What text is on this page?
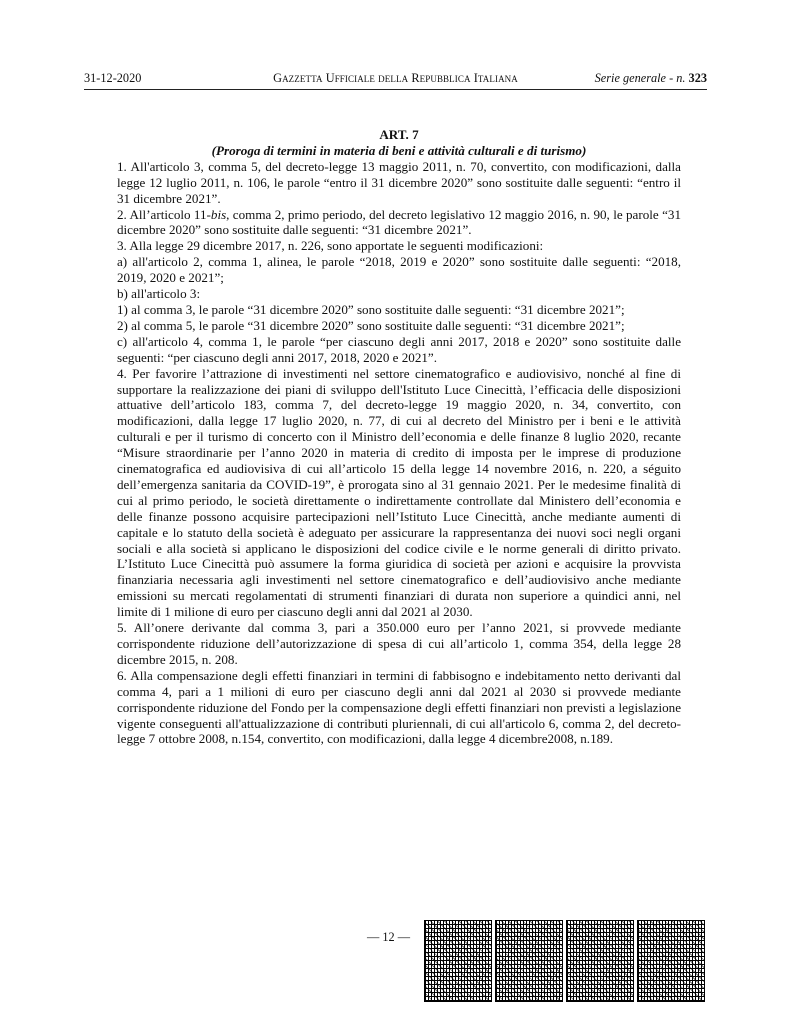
31-12-2020	Gazzetta Ufficiale della Repubblica Italiana	Serie generale - n. 323

ART. 7

(Proroga di termini in materia di beni e attività culturali e di turismo)

1. All'articolo 3, comma 5, del decreto-legge 13 maggio 2011, n. 70, convertito, con modificazioni, dalla legge 12 luglio 2011, n. 106, le parole “entro il 31 dicembre 2020” sono sostituite dalle seguenti: “entro il 31 dicembre 2021”.

2. All’articolo 11-bis, comma 2, primo periodo, del decreto legislativo 12 maggio 2016, n. 90, le parole “31 dicembre 2020” sono sostituite dalle seguenti: “31 dicembre 2021”.

3. Alla legge 29 dicembre 2017, n. 226, sono apportate le seguenti modificazioni:

a) all'articolo 2, comma 1, alinea, le parole “2018, 2019 e 2020” sono sostituite dalle seguenti: “2018, 2019, 2020 e 2021”;

b) all'articolo 3:

1) al comma 3, le parole “31 dicembre 2020” sono sostituite dalle seguenti: “31 dicembre 2021”;

2) al comma 5, le parole “31 dicembre 2020” sono sostituite dalle seguenti: “31 dicembre 2021”;

c) all'articolo 4, comma 1, le parole “per ciascuno degli anni 2017, 2018 e 2020” sono sostituite dalle seguenti: “per ciascuno degli anni 2017, 2018, 2020 e 2021”.

4. Per favorire l’attrazione di investimenti nel settore cinematografico e audiovisivo, nonché al fine di supportare la realizzazione dei piani di sviluppo dell'Istituto Luce Cinecittà, l’efficacia delle disposizioni attuative dell’articolo 183, comma 7, del decreto-legge 19 maggio 2020, n. 34, convertito, con modificazioni, dalla legge 17 luglio 2020, n. 77, di cui al decreto del Ministro per i beni e le attività culturali e per il turismo di concerto con il Ministro dell’economia e delle finanze 8 luglio 2020, recante “Misure straordinarie per l’anno 2020 in materia di credito di imposta per le imprese di produzione cinematografica ed audiovisiva di cui all’articolo 15 della legge 14 novembre 2016, n. 220, a séguito dell’emergenza sanitaria da COVID-19”, è prorogata sino al 31 gennaio 2021. Per le medesime finalità di cui al primo periodo, le società direttamente o indirettamente controllate dal Ministero dell’economia e delle finanze possono acquisire partecipazioni nell’Istituto Luce Cinecittà, anche mediante aumenti di capitale e lo statuto della società è adeguato per assicurare la rappresentanza dei nuovi soci negli organi sociali e alla società si applicano le disposizioni del codice civile e le norme generali di diritto privato. L’Istituto Luce Cinecittà può assumere la forma giuridica di società per azioni e acquisire la provvista finanziaria necessaria agli investimenti nel settore cinematografico e dell’audiovisivo anche mediante emissioni su mercati regolamentati di strumenti finanziari di durata non superiore a quindici anni, nel limite di 1 milione di euro per ciascuno degli anni dal 2021 al 2030.

5. All’onere derivante dal comma 3, pari a 350.000 euro per l’anno 2021, si provvede mediante corrispondente riduzione dell’autorizzazione di spesa di cui all’articolo 1, comma 354, della legge 28 dicembre 2015, n. 208.

6. Alla compensazione degli effetti finanziari in termini di fabbisogno e indebitamento netto derivanti dal comma 4, pari a 1 milioni di euro per ciascuno degli anni dal 2021 al 2030 si provvede mediante corrispondente riduzione del Fondo per la compensazione degli effetti finanziari non previsti a legislazione vigente conseguenti all'attualizzazione di contributi pluriennali, di cui all'articolo 6, comma 2, del decreto-legge 7 ottobre 2008, n.154, convertito, con modificazioni, dalla legge 4 dicembre2008, n.189.

— 12 —
